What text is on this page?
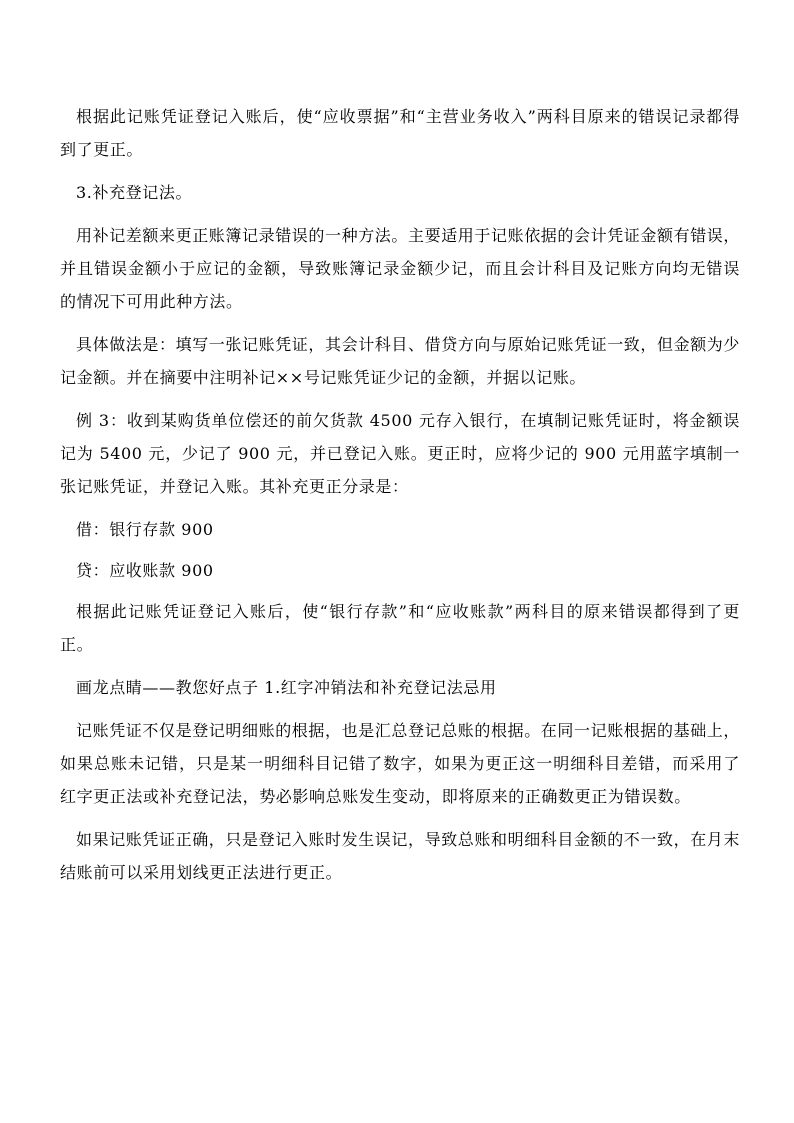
根据此记账凭证登记入账后，使“应收票据”和“主营业务收入”两科目原来的错误记录都得到了更正。

3.补充登记法。

用补记差额来更正账簿记录错误的一种方法。主要适用于记账依据的会计凭证金额有错误，并且错误金额小于应记的金额，导致账簿记录金额少记，而且会计科目及记账方向均无错误的情况下可用此种方法。

具体做法是：填写一张记账凭证，其会计科目、借贷方向与原始记账凭证一致，但金额为少记金额。并在摘要中注明补记××号记账凭证少记的金额，并据以记账。

例 3：收到某购货单位偿还的前欠货款 4500 元存入银行，在填制记账凭证时，将金额误记为 5400 元，少记了 900 元，并已登记入账。更正时，应将少记的 900 元用蓝字填制一张记账凭证，并登记入账。其补充更正分录是：

借：银行存款 900

贷：应收账款 900

根据此记账凭证登记入账后，使“银行存款”和“应收账款”两科目的原来错误都得到了更正。

画龙点睛——教您好点子 1.红字冲销法和补充登记法忌用

记账凭证不仅是登记明细账的根据，也是汇总登记总账的根据。在同一记账根据的基础上，如果总账未记错，只是某一明细科目记错了数字，如果为更正这一明细科目差错，而采用了红字更正法或补充登记法，势必影响总账发生变动，即将原来的正确数更正为错误数。

如果记账凭证正确，只是登记入账时发生误记，导致总账和明细科目金额的不一致，在月末结账前可以采用划线更正法进行更正。
